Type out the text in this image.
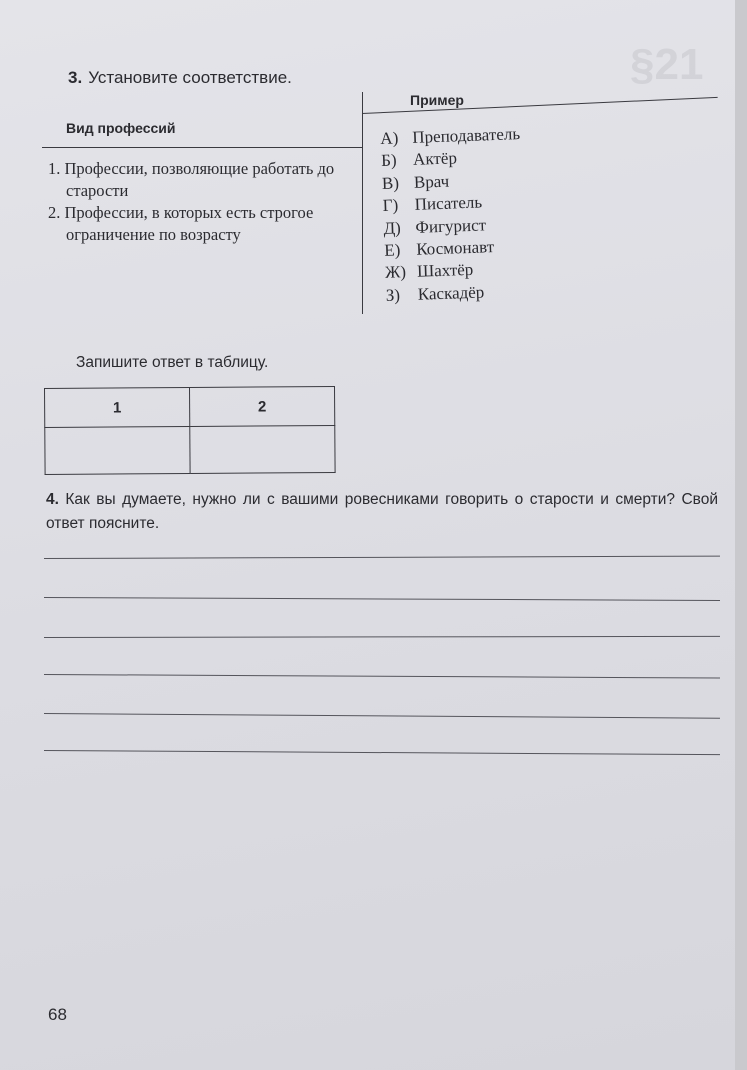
§21
3. Установите соответствие.
Вид профессий
Пример
1. Профессии, позволяющие работать до старости
2. Профессии, в которых есть строгое ограничение по возрасту
А) Преподаватель
Б) Актёр
В) Врач
Г) Писатель
Д) Фигурист
Е) Космонавт
Ж) Шахтёр
З) Каскадёр
Запишите ответ в таблицу.
1	2

4. Как вы думаете, нужно ли с вашими ровесниками говорить о старости и смерти? Свой ответ поясните.
68
